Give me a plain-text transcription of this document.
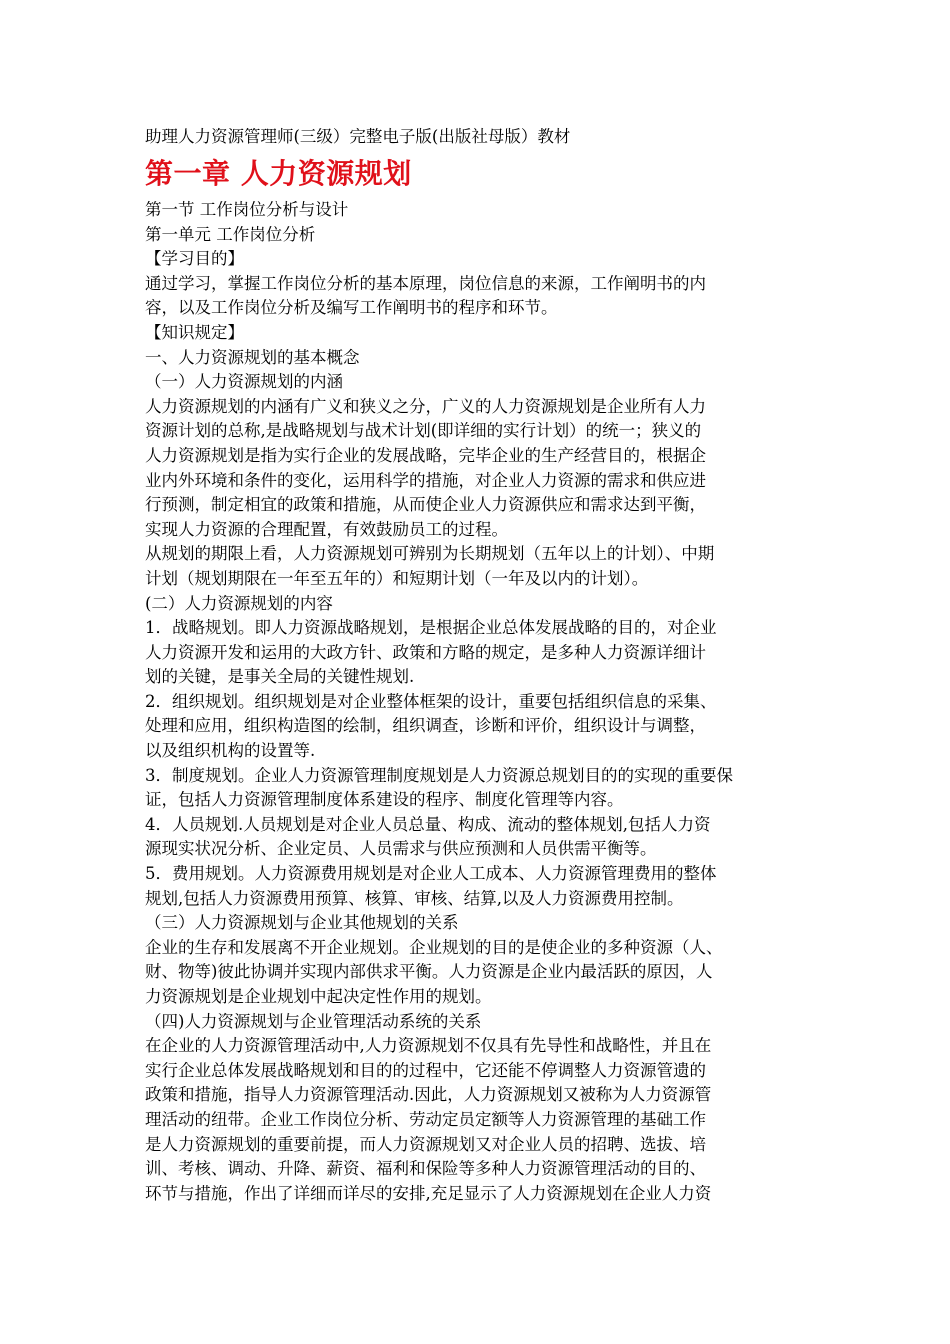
助理人力资源管理师(三级）完整电子版(出版社母版）教材
第一章 人力资源规划
第一节 工作岗位分析与设计
第一单元 工作岗位分析
【学习目的】
通过学习，掌握工作岗位分析的基本原理，岗位信息的来源，工作阐明书的内
容，以及工作岗位分析及编写工作阐明书的程序和环节。
【知识规定】
一、人力资源规划的基本概念
（一）人力资源规划的内涵
人力资源规划的内涵有广义和狭义之分，广义的人力资源规划是企业所有人力
资源计划的总称,是战略规划与战术计划(即详细的实行计划）的统一；狭义的
人力资源规划是指为实行企业的发展战略，完毕企业的生产经营目的，根据企
业内外环境和条件的变化，运用科学的措施，对企业人力资源的需求和供应进
行预测，制定相宜的政策和措施，从而使企业人力资源供应和需求达到平衡，
实现人力资源的合理配置，有效鼓励员工的过程。
从规划的期限上看，人力资源规划可辨别为长期规划（五年以上的计划）、中期
计划（规划期限在一年至五年的）和短期计划（一年及以内的计划）。
(二）人力资源规划的内容
1．战略规划。即人力资源战略规划，是根据企业总体发展战略的目的，对企业
人力资源开发和运用的大政方针、政策和方略的规定，是多种人力资源详细计
划的关键，是事关全局的关键性规划.
2．组织规划。组织规划是对企业整体框架的设计，重要包括组织信息的采集、
处理和应用，组织构造图的绘制，组织调查，诊断和评价，组织设计与调整，
以及组织机构的设置等.
3．制度规划。企业人力资源管理制度规划是人力资源总规划目的的实现的重要保
证，包括人力资源管理制度体系建设的程序、制度化管理等内容。
4．人员规划.人员规划是对企业人员总量、构成、流动的整体规划,包括人力资
源现实状况分析、企业定员、人员需求与供应预测和人员供需平衡等。
5．费用规划。人力资源费用规划是对企业人工成本、人力资源管理费用的整体
规划,包括人力资源费用预算、核算、审核、结算,以及人力资源费用控制。
（三）人力资源规划与企业其他规划的关系
企业的生存和发展离不开企业规划。企业规划的目的是使企业的多种资源（人、
财、物等)彼此协调并实现内部供求平衡。人力资源是企业内最活跃的原因，人
力资源规划是企业规划中起决定性作用的规划。
（四)人力资源规划与企业管理活动系统的关系
在企业的人力资源管理活动中,人力资源规划不仅具有先导性和战略性，并且在
实行企业总体发展战略规划和目的的过程中，它还能不停调整人力资源管遗的
政策和措施，指导人力资源管理活动.因此，人力资源规划又被称为人力资源管
理活动的纽带。企业工作岗位分析、劳动定员定额等人力资源管理的基础工作
是人力资源规划的重要前提，而人力资源规划又对企业人员的招聘、选拔、培
训、考核、调动、升降、薪资、福利和保险等多种人力资源管理活动的目的、
环节与措施，作出了详细而详尽的安排,充足显示了人力资源规划在企业人力资
